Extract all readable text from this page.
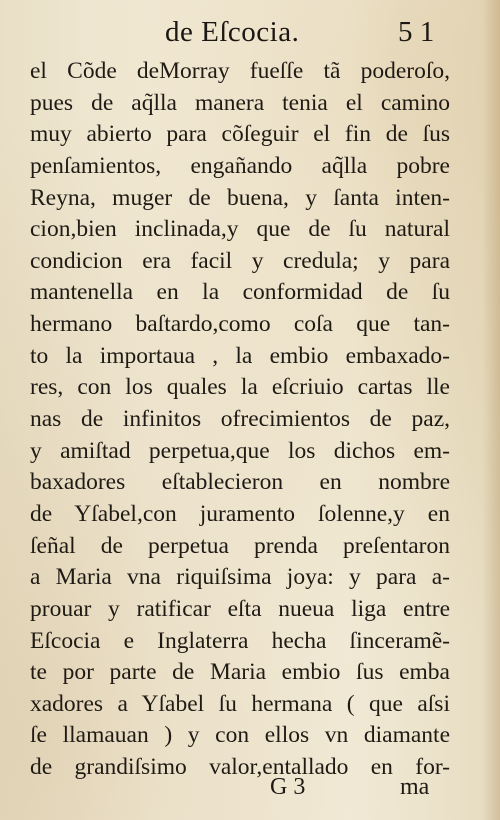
de Eſcocia.	5 1
el Cõde deMorray fueſſe tã poderoſo,
pues de aq̃lla manera tenia el camino
muy abierto para cõſeguir el fin de ſus
penſamientos, engañando aq̃lla pobre
Reyna, muger de buena, y ſanta inten-
cion,bien inclinada,y que de ſu natural
condicion era facil y credula; y para
mantenella en la conformidad de ſu
hermano baſtardo,como coſa que tan-
to la importaua , la embio embaxado-
res, con los quales la eſcriuio cartas lle
nas de infinitos ofrecimientos de paz,
y amiſtad perpetua,que los dichos em-
baxadores eſtablecieron en nombre
de Yſabel,con juramento ſolenne,y en
ſeñal de perpetua prenda preſentaron
a Maria vna riquiſsima joya: y para a-
prouar y ratificar eſta nueua liga entre
Eſcocia e Inglaterra hecha ſinceramẽ-
te por parte de Maria embio ſus emba
xadores a Yſabel ſu hermana ( que aſsi
ſe llamauan ) y con ellos vn diamante
de grandiſsimo valor,entallado en for-
G 3	ma
